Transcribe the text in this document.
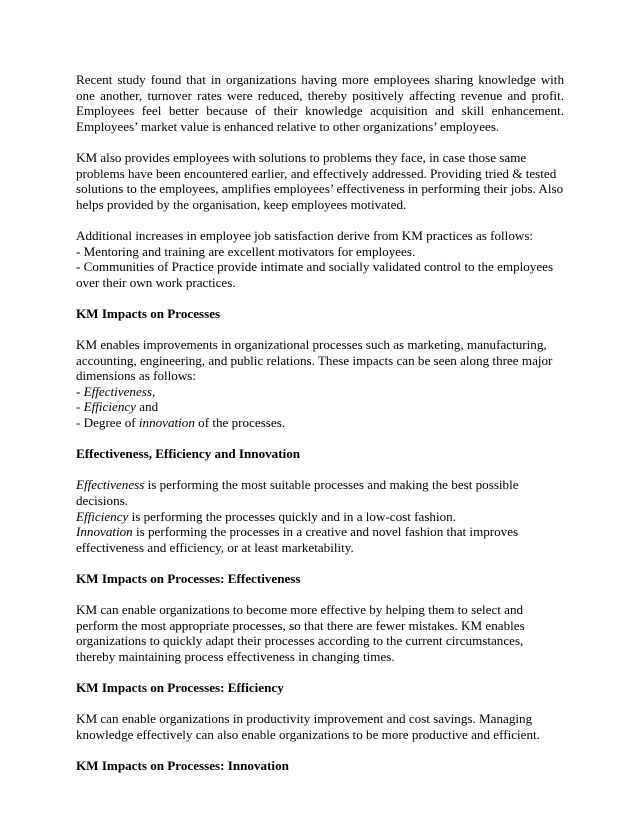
Recent study found that in organizations having more employees sharing knowledge with one another, turnover rates were reduced, thereby positively affecting revenue and profit. Employees feel better because of their knowledge acquisition and skill enhancement. Employees’ market value is enhanced relative to other organizations’ employees.

KM also provides employees with solutions to problems they face, in case those same problems have been encountered earlier, and effectively addressed. Providing tried & tested solutions to the employees, amplifies employees’ effectiveness in performing their jobs. Also helps provided by the organisation, keep employees motivated.

Additional increases in employee job satisfaction derive from KM practices as follows:
- Mentoring and training are excellent motivators for employees.
- Communities of Practice provide intimate and socially validated control to the employees over their own work practices.

KM Impacts on Processes

KM enables improvements in organizational processes such as marketing, manufacturing, accounting, engineering, and public relations. These impacts can be seen along three major dimensions as follows:
- Effectiveness,
- Efficiency and
- Degree of innovation of the processes.

Effectiveness, Efficiency and Innovation

Effectiveness is performing the most suitable processes and making the best possible decisions.
Efficiency is performing the processes quickly and in a low-cost fashion.
Innovation is performing the processes in a creative and novel fashion that improves effectiveness and efficiency, or at least marketability.

KM Impacts on Processes: Effectiveness

KM can enable organizations to become more effective by helping them to select and perform the most appropriate processes, so that there are fewer mistakes. KM enables organizations to quickly adapt their processes according to the current circumstances, thereby maintaining process effectiveness in changing times.

KM Impacts on Processes: Efficiency

KM can enable organizations in productivity improvement and cost savings. Managing knowledge effectively can also enable organizations to be more productive and efficient.

KM Impacts on Processes: Innovation
